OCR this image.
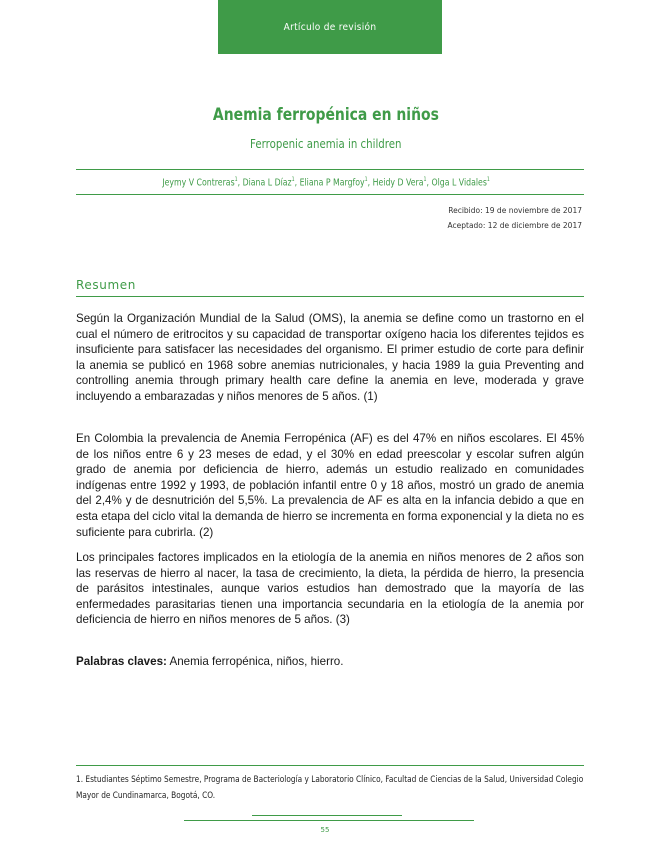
Artículo de revisión
Anemia ferropénica en niños
Ferropenic anemia in children
Jeymy V Contreras$^1$, Diana L Díaz$^1$, Eliana P Margfoy$^1$, Heidy D Vera$^1$, Olga L Vidales$^1$
Recibido: 19 de noviembre de 2017
Aceptado: 12 de diciembre de 2017
Resumen

Según la Organización Mundial de la Salud (OMS), la anemia se define como un trastorno en el cual el número de eritrocitos y su capacidad de transportar oxígeno hacia los diferentes tejidos es insuficiente para satisfacer las necesidades del organismo. El primer estudio de corte para definir la anemia se publicó en 1968 sobre anemias nutricionales, y hacia 1989 la guia Preventing and controlling anemia through primary health care define la anemia en leve, moderada y grave incluyendo a embarazadas y niños menores de 5 años. (1)

En Colombia la prevalencia de Anemia Ferropénica (AF) es del 47% en niños escolares. El 45% de los niños entre 6 y 23 meses de edad, y el 30% en edad preescolar y escolar sufren algún grado de anemia por deficiencia de hierro, además un estudio realizado en comunidades indígenas entre 1992 y 1993, de población infantil entre 0 y 18 años, mostró un grado de anemia del 2,4% y de desnutrición del 5,5%. La prevalencia de AF es alta en la infancia debido a que en esta etapa del ciclo vital la demanda de hierro se incrementa en forma exponencial y la dieta no es suficiente para cubrirla. (2)

Los principales factores implicados en la etiología de la anemia en niños menores de 2 años son las reservas de hierro al nacer, la tasa de crecimiento, la dieta, la pérdida de hierro, la presencia de parásitos intestinales, aunque varios estudios han demostrado que la mayoría de las enfermedades parasitarias tienen una importancia secundaria en la etiología de la anemia por deficiencia de hierro en niños menores de 5 años. (3)

Palabras claves: Anemia ferropénica, niños, hierro.
1. Estudiantes Séptimo Semestre, Programa de Bacteriología y Laboratorio Clínico, Facultad de Ciencias de la Salud, Universidad Colegio Mayor de Cundinamarca, Bogotá, CO.
55
